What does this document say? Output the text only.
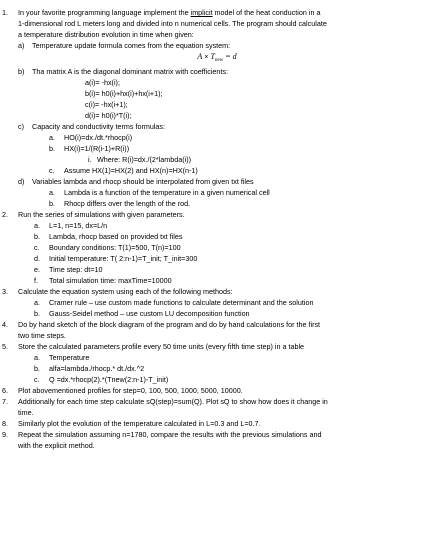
1. In your favorite programming language implement the implicit model of the heat conduction in a
1-dimensional rod L meters long and divided into n numerical cells. The program should calculate
a temperature distribution evolution in time when given:
a) Temperature update formula comes from the equation system:
$A \times T_{new} = d$
b) Tha matrix A is the diagonal dominant matrix with coefficients:
a(i)= -hx(i);
b(i)= h0(i)+hx(i)+hx(i+1);
c(i)= -hx(i+1);
d(i)= h0(i)*T(i);
c) Capacity and conductivity terms formulas:
a. HO(i)=dx./dt.*rhocp(i)
b. HX(i)=1/(R(i-1)+R(i))
i. Where: R(i)=dx./(2*lambda(i))
c. Assume HX(1)=HX(2) and HX(n)=HX(n-1)
d) Variables lambda and rhocp should be interpolated from given txt files
a. Lambda is a function of the temperature in a given numerical cell
b. Rhocp differs over the length of the rod.
2. Run the series of simulations with given parameters.
a. L=1, n=15, dx=L/n
b. Lambda, rhocp based on provided txt files
c. Boundary conditions: T(1)=500, T(n)=100
d. Initial temperature: T( 2:n-1)=T_init; T_init=300
e. Time step: dt=10
f. Total simulation time: maxTime=10000
3. Calculate the equation system using each of the following methods:
a. Cramer rule – use custom made functions to calculate determinant and the solution
b. Gauss-Seidel method – use custom LU decomposition function
4. Do by hand sketch of the block diagram of the program and do by hand calculations for the first
two time steps.
5. Store the calculated parameters profile every 50 time units (every fifth time step) in a table
a. Temperature
b. alfa=lambda./rhocp.* dt./dx.^2
c. Q =dx.*rhocp(2).*(Tnew(2:n-1)-T_init)
6. Plot abovementioned profiles for step=0, 100, 500, 1000, 5000, 10000.
7. Additionally for each time step calculate sQ(step)=sum(Q). Plot sQ to show how does it change in
time.
8. Similarly plot the evolution of the temperature calculated in L=0.3 and L=0.7.
9. Repeat the simulation assuming n=1780, compare the results with the previous simulations and
with the explicit method.
